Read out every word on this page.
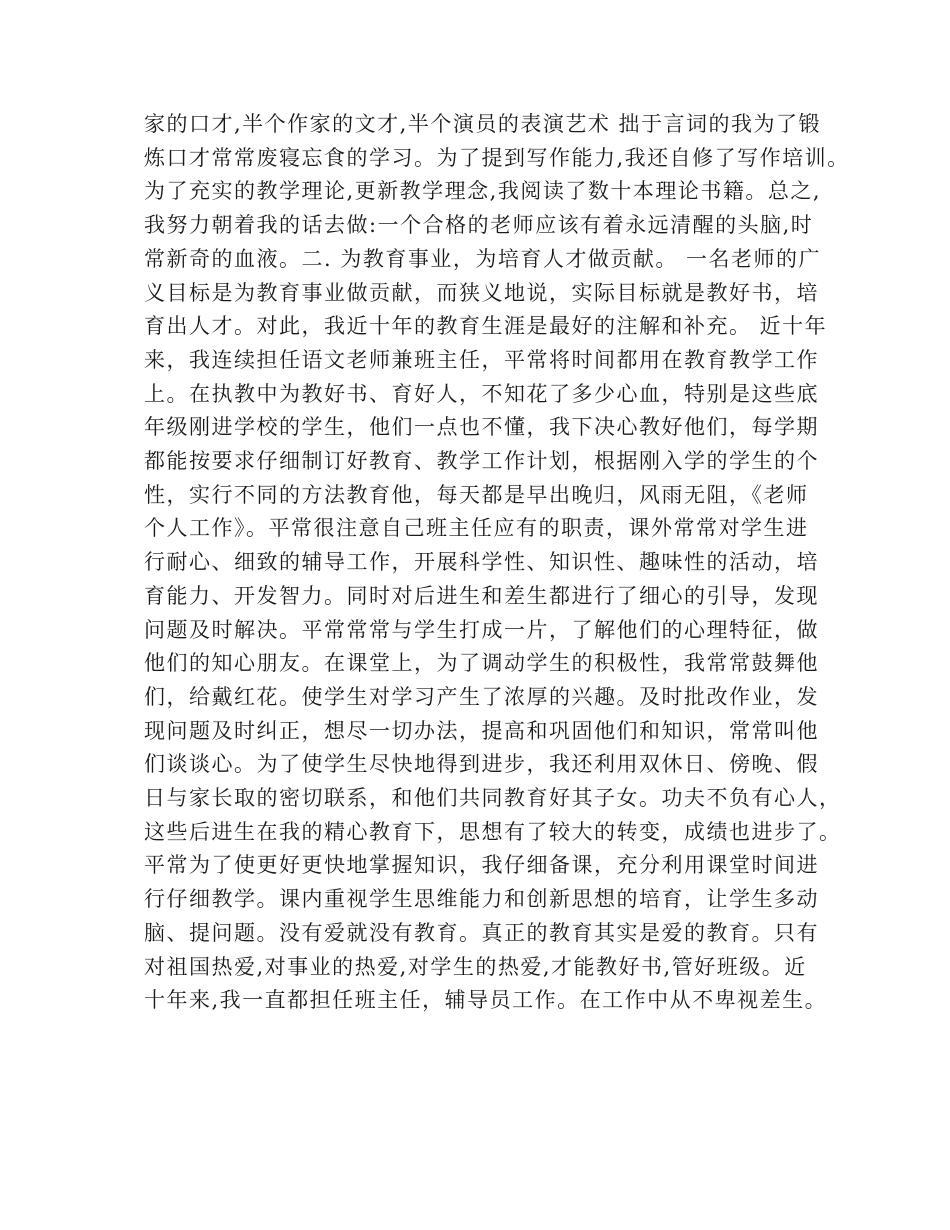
家的口才,半个作家的文才,半个演员的表演艺术 拙于言词的我为了锻
炼口才常常废寝忘食的学习。为了提到写作能力,我还自修了写作培训。
为了充实的教学理论,更新教学理念,我阅读了数十本理论书籍。总之,
我努力朝着我的话去做:一个合格的老师应该有着永远清醒的头脑,时
常新奇的血液。二. 为教育事业，为培育人才做贡献。 一名老师的广
义目标是为教育事业做贡献，而狭义地说，实际目标就是教好书，培
育出人才。对此，我近十年的教育生涯是最好的注解和补充。 近十年
来，我连续担任语文老师兼班主任，平常将时间都用在教育教学工作
上。在执教中为教好书、育好人，不知花了多少心血，特别是这些底
年级刚进学校的学生，他们一点也不懂，我下决心教好他们，每学期
都能按要求仔细制订好教育、教学工作计划，根据刚入学的学生的个
性，实行不同的方法教育他，每天都是早出晚归，风雨无阻，《老师
个人工作》。平常很注意自己班主任应有的职责，课外常常对学生进
行耐心、细致的辅导工作，开展科学性、知识性、趣味性的活动，培
育能力、开发智力。同时对后进生和差生都进行了细心的引导，发现
问题及时解决。平常常常与学生打成一片，了解他们的心理特征，做
他们的知心朋友。在课堂上，为了调动学生的积极性，我常常鼓舞他
们，给戴红花。使学生对学习产生了浓厚的兴趣。及时批改作业，发
现问题及时纠正，想尽一切办法，提高和巩固他们和知识，常常叫他
们谈谈心。为了使学生尽快地得到进步，我还利用双休日、傍晚、假
日与家长取的密切联系，和他们共同教育好其子女。功夫不负有心人，
这些后进生在我的精心教育下，思想有了较大的转变，成绩也进步了。
平常为了使更好更快地掌握知识，我仔细备课，充分利用课堂时间进
行仔细教学。课内重视学生思维能力和创新思想的培育，让学生多动
脑、提问题。没有爱就没有教育。真正的教育其实是爱的教育。只有
对祖国热爱,对事业的热爱,对学生的热爱,才能教好书,管好班级。近
十年来,我一直都担任班主任，辅导员工作。在工作中从不卑视差生。
